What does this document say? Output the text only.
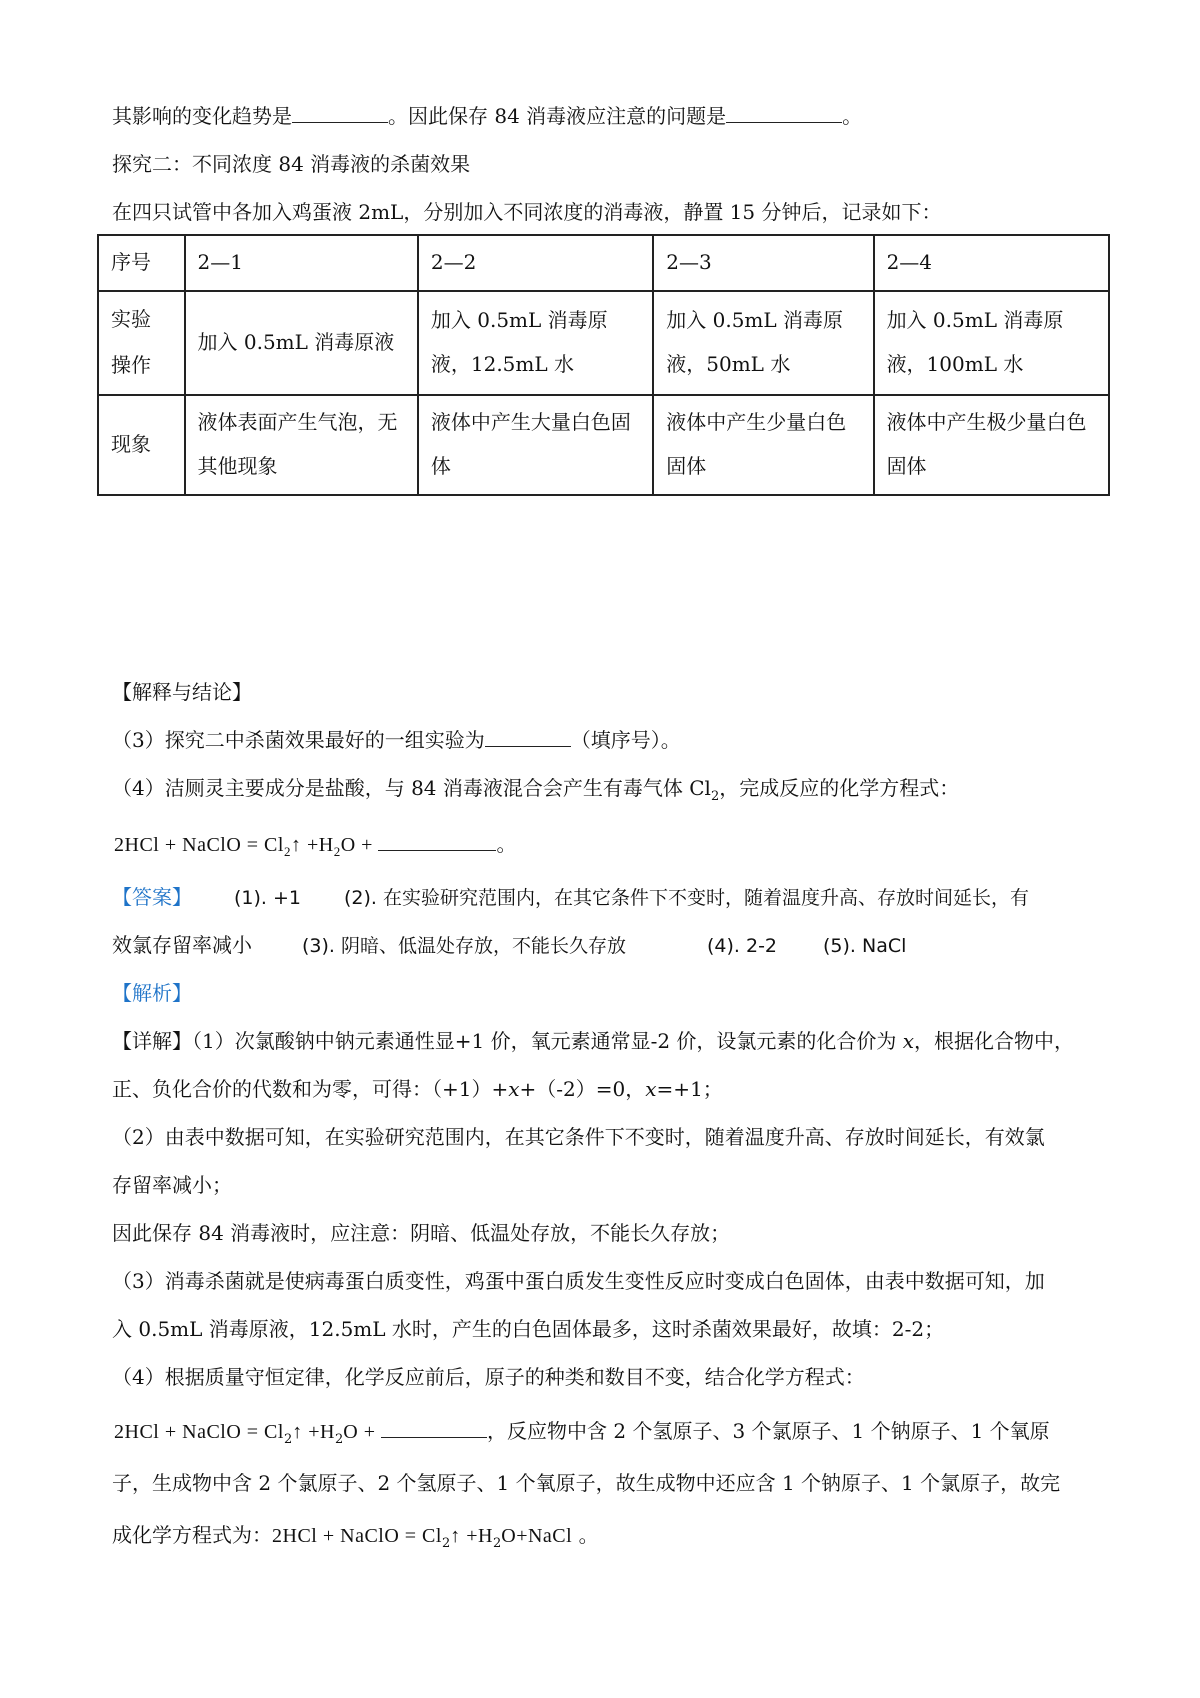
其影响的变化趋势是	。因此保存 84 消毒液应注意的问题是	。
探究二：不同浓度 84 消毒液的杀菌效果
在四只试管中各加入鸡蛋液 2mL，分别加入不同浓度的消毒液，静置 15 分钟后，记录如下：
序号	2—1	2—2	2—3	2—4
实验
操作	加入 0.5mL 消毒原液	加入 0.5mL 消毒原液，12.5mL 水	加入 0.5mL 消毒原液，50mL 水	加入 0.5mL 消毒原液，100mL 水
现象	液体表面产生气泡，无其他现象	液体中产生大量白色固体	液体中产生少量白色固体	液体中产生极少量白色固体
【解释与结论】
（3）探究二中杀菌效果最好的一组实验为	（填序号）。
（4）洁厕灵主要成分是盐酸，与 84 消毒液混合会产生有毒气体 $Cl_2$，完成反应的化学方程式：
2HCl + NaClO = $Cl_2↑ +H_2O$ +	。
【答案】 (1). +1 (2). 在实验研究范围内，在其它条件下不变时，随着温度升高、存放时间延长，有
效氯存留率减小	(3). 阴暗、低温处存放，不能长久存放	(4). 2-2 (5). NaCl
【解析】
【详解】（1）次氯酸钠中钠元素通性显+1 价，氧元素通常显-2 价，设氯元素的化合价为 x，根据化合物中，
正、负化合价的代数和为零，可得：（+1）+x+（-2）=0，x=+1；
（2）由表中数据可知，在实验研究范围内，在其它条件下不变时，随着温度升高、存放时间延长，有效氯
存留率减小；
因此保存 84 消毒液时，应注意：阴暗、低温处存放，不能长久存放；
（3）消毒杀菌就是使病毒蛋白质变性，鸡蛋中蛋白质发生变性反应时变成白色固体，由表中数据可知，加
入 0.5mL 消毒原液，12.5mL 水时，产生的白色固体最多，这时杀菌效果最好，故填：2-2；
（4）根据质量守恒定律，化学反应前后，原子的种类和数目不变，结合化学方程式：
2HCl + NaClO = $Cl_2↑ +H_2O$ +	，反应物中含 2 个氢原子、3 个氯原子、1 个钠原子、1 个氧原
子，生成物中含 2 个氯原子、2 个氢原子、1 个氧原子，故生成物中还应含 1 个钠原子、1 个氯原子，故完
成化学方程式为：2HCl + NaClO = $Cl_2↑$ $+H_2O+NaCl$ 。
